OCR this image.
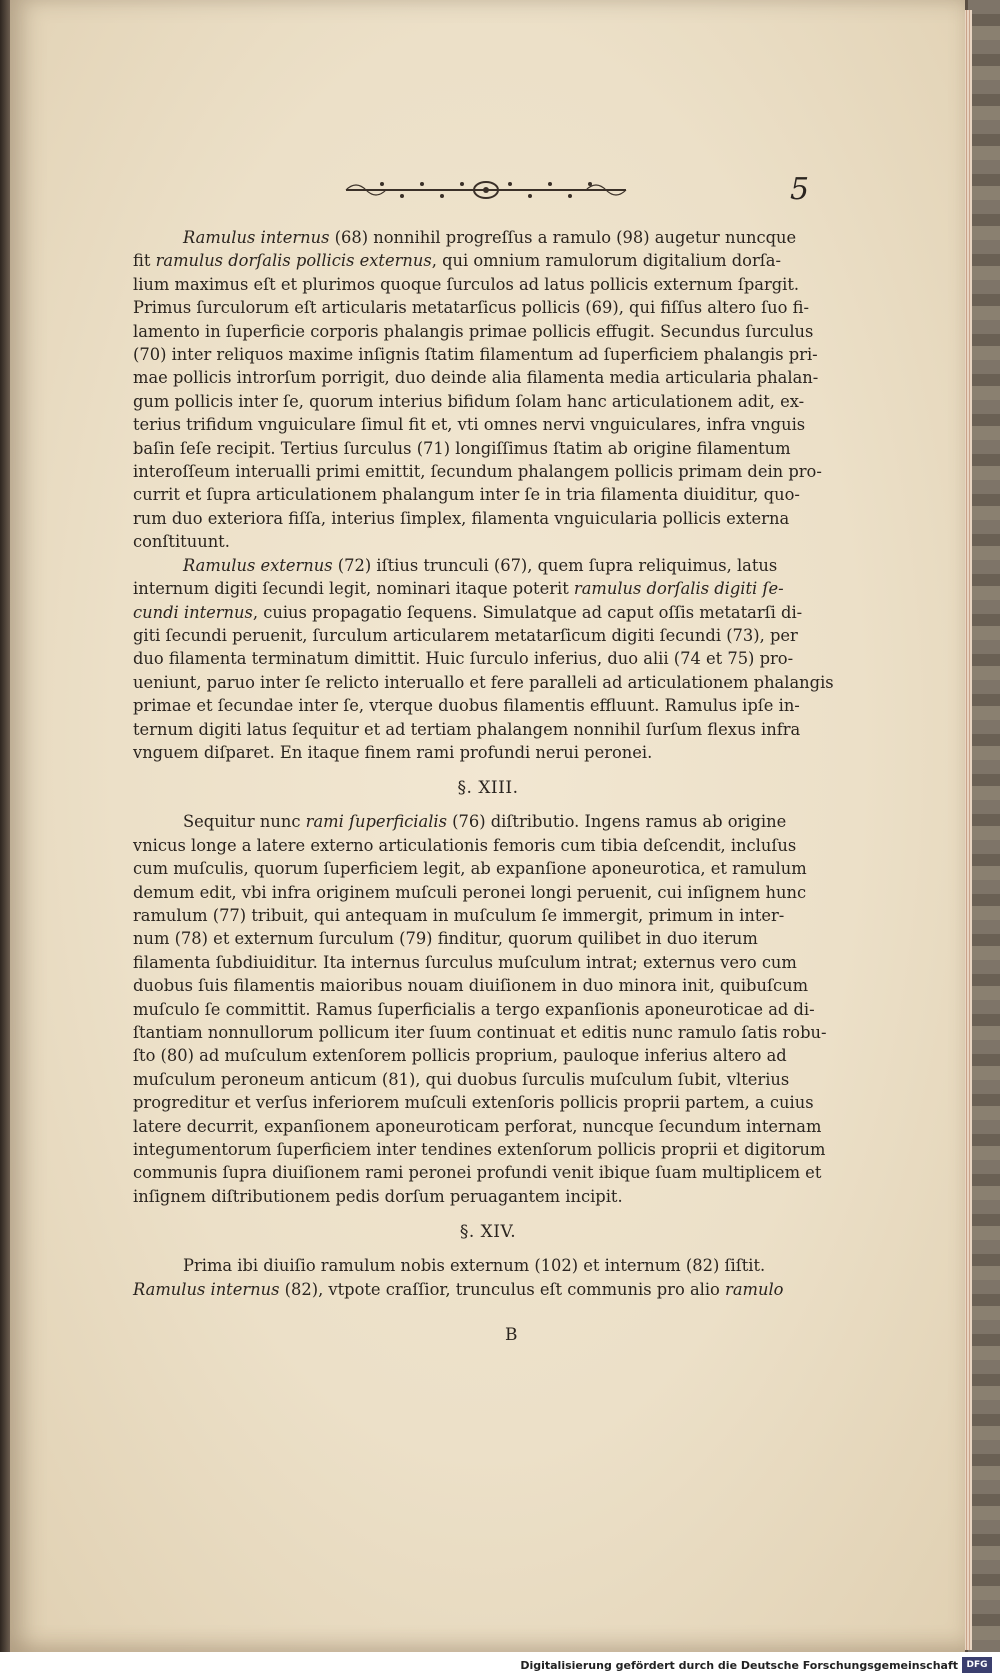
5

Ramulus internus (68) nonnihil progreſſus a ramulo (98) augetur nuncque
fit ramulus dorſalis pollicis externus, qui omnium ramulorum digitalium dorſa-
lium maximus eſt et plurimos quoque ſurculos ad latus pollicis externum ſpargit.
Primus ſurculorum eſt articularis metatarſicus pollicis (69), qui fiſſus altero ſuo fi-
lamento in ſuperficie corporis phalangis primae pollicis effugit. Secundus ſurculus
(70) inter reliquos maxime inſignis ſtatim filamentum ad ſuperficiem phalangis pri-
mae pollicis introrſum porrigit, duo deinde alia filamenta media articularia phalan-
gum pollicis inter ſe, quorum interius bifidum ſolam hanc articulationem adit, ex-
terius trifidum vnguiculare ſimul fit et, vti omnes nervi vnguiculares, infra vnguis
baſin ſeſe recipit. Tertius ſurculus (71) longiſſimus ſtatim ab origine filamentum
interoſſeum interualli primi emittit, ſecundum phalangem pollicis primam dein pro-
currit et ſupra articulationem phalangum inter ſe in tria filamenta diuiditur, quo-
rum duo exteriora fiſſa, interius ſimplex, filamenta vnguicularia pollicis externa
conſtituunt.

Ramulus externus (72) iſtius trunculi (67), quem ſupra reliquimus, latus
internum digiti ſecundi legit, nominari itaque poterit ramulus dorſalis digiti ſe-
cundi internus, cuius propagatio ſequens. Simulatque ad caput oſſis metatarſi di-
giti ſecundi peruenit, ſurculum articularem metatarſicum digiti ſecundi (73), per
duo filamenta terminatum dimittit. Huic ſurculo inferius, duo alii (74 et 75) pro-
ueniunt, paruo inter ſe relicto interuallo et fere paralleli ad articulationem phalangis
primae et ſecundae inter ſe, vterque duobus filamentis effluunt. Ramulus ipſe in-
ternum digiti latus ſequitur et ad tertiam phalangem nonnihil ſurſum flexus infra
vnguem diſparet. En itaque finem rami profundi nerui peronei.

§. XIII.

Sequitur nunc rami ſuperficialis (76) diſtributio. Ingens ramus ab origine
vnicus longe a latere externo articulationis femoris cum tibia deſcendit, incluſus
cum muſculis, quorum ſuperficiem legit, ab expanſione aponeurotica, et ramulum
demum edit, vbi infra originem muſculi peronei longi peruenit, cui inſignem hunc
ramulum (77) tribuit, qui antequam in muſculum ſe immergit, primum in inter-
num (78) et externum ſurculum (79) finditur, quorum quilibet in duo iterum
filamenta ſubdiuiditur. Ita internus ſurculus muſculum intrat; externus vero cum
duobus ſuis filamentis maioribus nouam diuiſionem in duo minora init, quibuſcum
muſculo ſe committit. Ramus ſuperficialis a tergo expanſionis aponeuroticae ad di-
ſtantiam nonnullorum pollicum iter ſuum continuat et editis nunc ramulo ſatis robu-
ſto (80) ad muſculum extenſorem pollicis proprium, pauloque inferius altero ad
muſculum peroneum anticum (81), qui duobus ſurculis muſculum ſubit, vlterius
progreditur et verſus inferiorem muſculi extenſoris pollicis proprii partem, a cuius
latere decurrit, expanſionem aponeuroticam perforat, nuncque ſecundum internam
integumentorum ſuperficiem inter tendines extenſorum pollicis proprii et digitorum
communis ſupra diuiſionem rami peronei profundi venit ibique ſuam multiplicem et
inſignem diſtributionem pedis dorſum peruagantem incipit.

§. XIV.

Prima ibi diuiſio ramulum nobis externum (102) et internum (82) ſiſtit.
Ramulus internus (82), vtpote craſſior, trunculus eſt communis pro alio ramulo

B
Digitalisierung gefördert durch die Deutsche Forschungsgemeinschaft DFG
